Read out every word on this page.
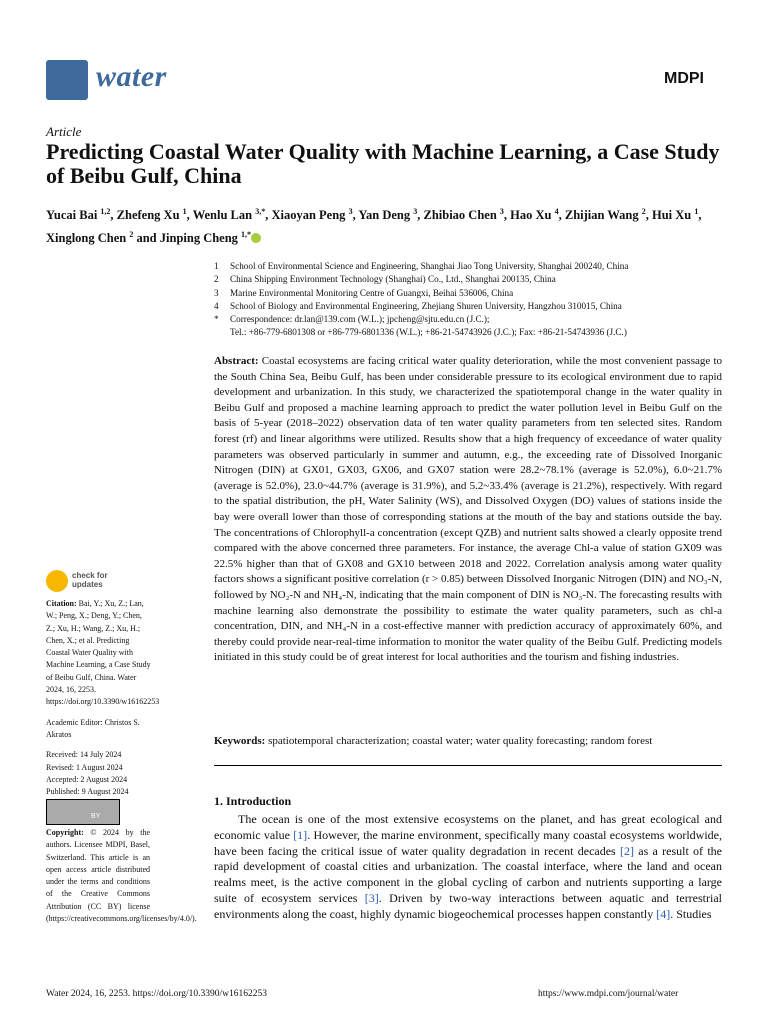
water	MDPI
Article
Predicting Coastal Water Quality with Machine Learning, a Case Study of Beibu Gulf, China
Yucai Bai $^{1,2}$, Zhefeng Xu $^1$, Wenlu Lan $^{3,*}$, Xiaoyan Peng $^3$, Yan Deng $^3$, Zhibiao Chen $^3$, Hao Xu $^4$, Zhijian Wang $^2$, Hui Xu $^1$, Xinglong Chen $^2$ and Jinping Cheng $^{1,*}$
1	School of Environmental Science and Engineering, Shanghai Jiao Tong University, Shanghai 200240, China
2	China Shipping Environment Technology (Shanghai) Co., Ltd., Shanghai 200135, China
3	Marine Environmental Monitoring Centre of Guangxi, Beihai 536006, China
4	School of Biology and Environmental Engineering, Zhejiang Shuren University, Hangzhou 310015, China
*	Correspondence: dr.lan@139.com (W.L.); jpcheng@sjtu.edu.cn (J.C.);
Tel.: +86-779-6801308 or +86-779-6801336 (W.L.); +86-21-54743926 (J.C.); Fax: +86-21-54743936 (J.C.)
Abstract: Coastal ecosystems are facing critical water quality deterioration, while the most convenient passage to the South China Sea, Beibu Gulf, has been under considerable pressure to its ecological environment due to rapid development and urbanization. In this study, we characterized the spatiotemporal change in the water quality in Beibu Gulf and proposed a machine learning approach to predict the water pollution level in Beibu Gulf on the basis of 5-year (2018–2022) observation data of ten water quality parameters from ten selected sites. Random forest (rf) and linear algorithms were utilized. Results show that a high frequency of exceedance of water quality parameters was observed particularly in summer and autumn, e.g., the exceeding rate of Dissolved Inorganic Nitrogen (DIN) at GX01, GX03, GX06, and GX07 station were 28.2~78.1% (average is 52.0%), 6.0~21.7% (average is 52.0%), 23.0~44.7% (average is 31.9%), and 5.2~33.4% (average is 21.2%), respectively. With regard to the spatial distribution, the pH, Water Salinity (WS), and Dissolved Oxygen (DO) values of stations inside the bay were overall lower than those of corresponding stations at the mouth of the bay and stations outside the bay. The concentrations of Chlorophyll-a concentration (except QZB) and nutrient salts showed a clearly opposite trend compared with the above concerned three parameters. For instance, the average Chl-a value of station GX09 was 22.5% higher than that of GX08 and GX10 between 2018 and 2022. Correlation analysis among water quality factors shows a significant positive correlation (r > 0.85) between Dissolved Inorganic Nitrogen (DIN) and NO₃-N, followed by NO₂-N and NH₄-N, indicating that the main component of DIN is NO₃-N. The forecasting results with machine learning also demonstrate the possibility to estimate the water quality parameters, such as chl-a concentration, DIN, and NH₄-N in a cost-effective manner with prediction accuracy of approximately 60%, and thereby could provide near-real-time information to monitor the water quality of the Beibu Gulf. Predicting models initiated in this study could be of great interest for local authorities and the tourism and fishing industries.
Keywords: spatiotemporal characterization; coastal water; water quality forecasting; random forest
1. Introduction
The ocean is one of the most extensive ecosystems on the planet, and has great ecological and economic value [1]. However, the marine environment, specifically many coastal ecosystems worldwide, have been facing the critical issue of water quality degradation in recent decades [2] as a result of the rapid development of coastal cities and urbanization. The coastal interface, where the land and ocean realms meet, is the active component in the global cycling of carbon and nutrients supporting a large suite of ecosystem services [3]. Driven by two-way interactions between aquatic and terrestrial environments along the coast, highly dynamic biogeochemical processes happen constantly [4]. Studies
check for
updates

Citation: Bai, Y.; Xu, Z.; Lan, W.; Peng, X.; Deng, Y.; Chen, Z.; Xu, H.; Wang, Z.; Xu, H.; Chen, X.; et al. Predicting Coastal Water Quality with Machine Learning, a Case Study of Beibu Gulf, China. Water 2024, 16, 2253. https://doi.org/10.3390/w16162253

Academic Editor: Christos S. Akratos

Received: 14 July 2024
Revised: 1 August 2024
Accepted: 2 August 2024
Published: 9 August 2024

BY
Copyright: © 2024 by the authors. Licensee MDPI, Basel, Switzerland. This article is an open access article distributed under the terms and conditions of the Creative Commons Attribution (CC BY) license (https://creativecommons.org/licenses/by/4.0/).
Water 2024, 16, 2253. https://doi.org/10.3390/w16162253	https://www.mdpi.com/journal/water
